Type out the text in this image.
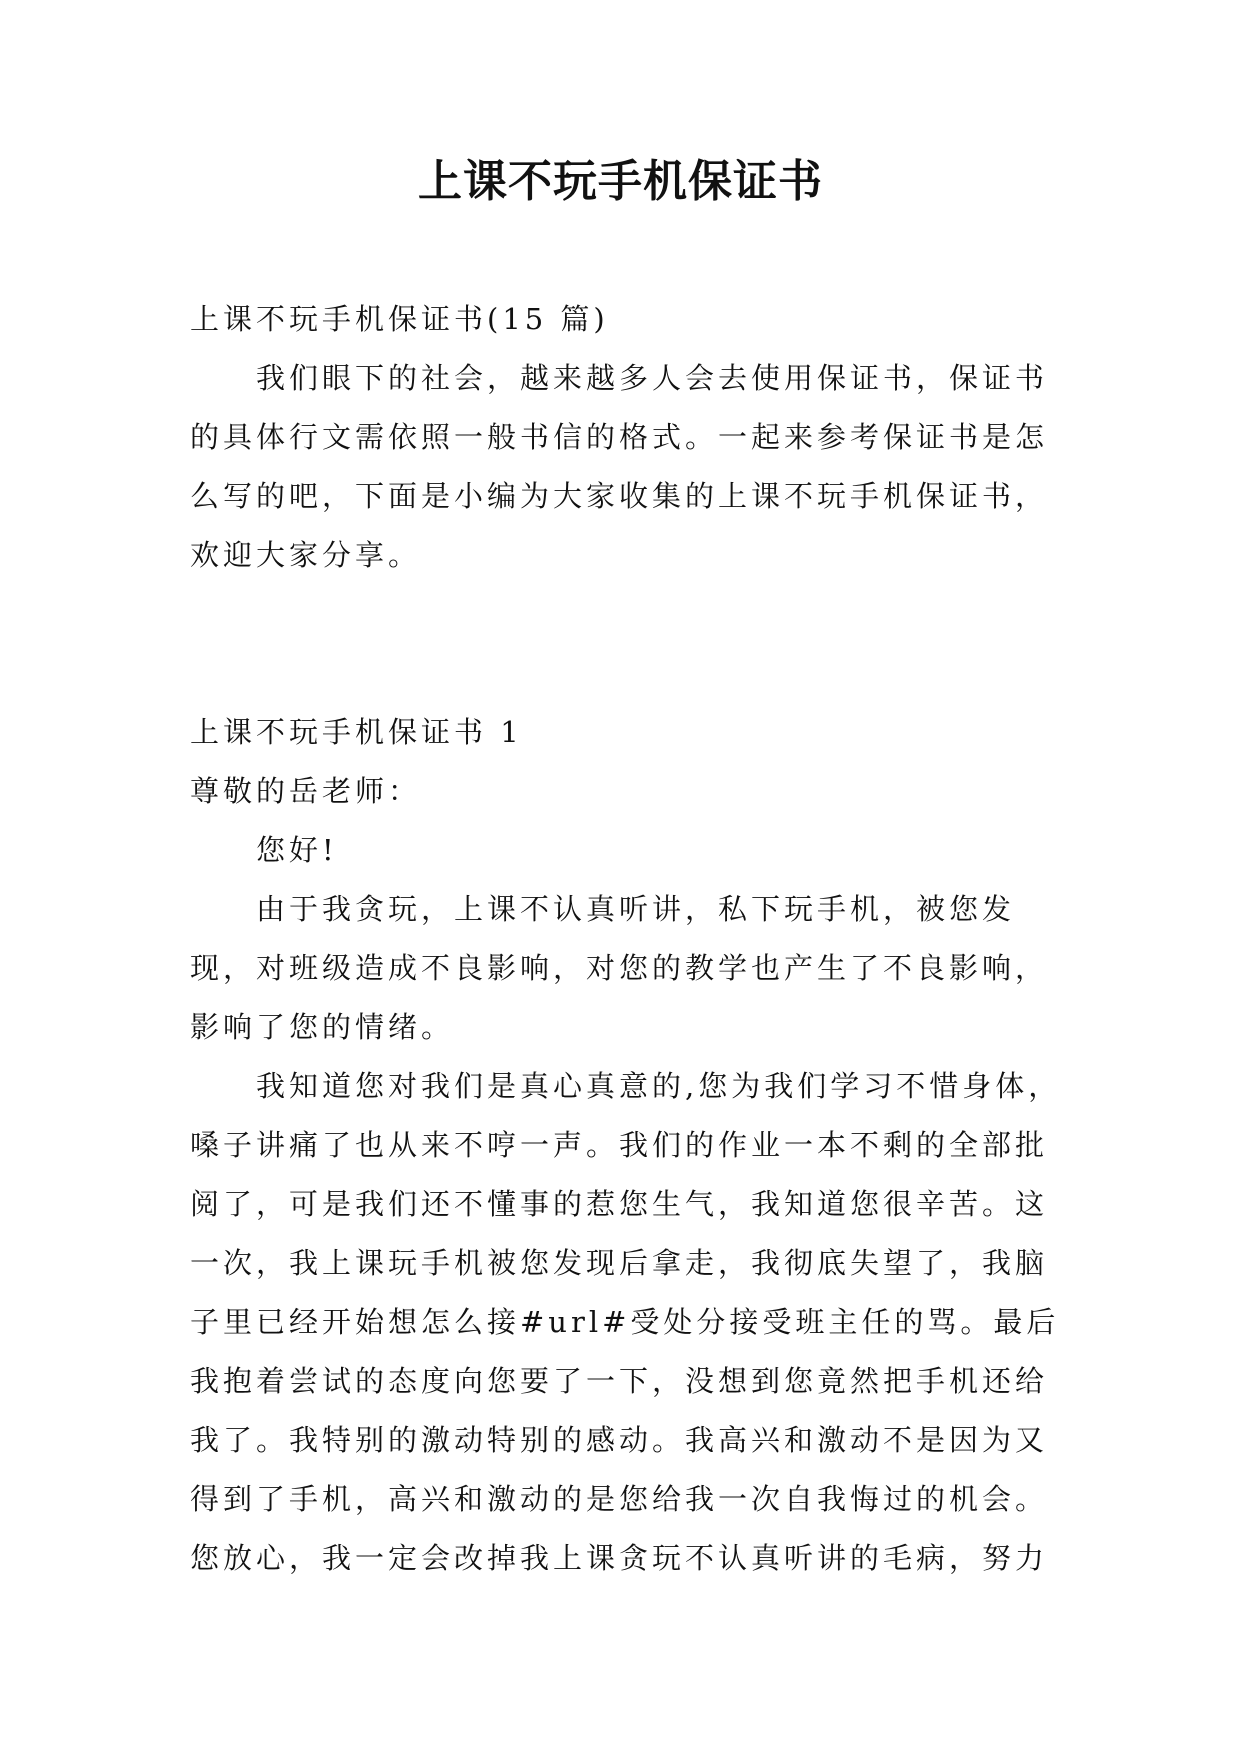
上课不玩手机保证书

上课不玩手机保证书(15 篇)

我们眼下的社会，越来越多人会去使用保证书，保证书的具体行文需依照一般书信的格式。一起来参考保证书是怎么写的吧，下面是小编为大家收集的上课不玩手机保证书，欢迎大家分享。

上课不玩手机保证书 1

尊敬的岳老师：

您好!

由于我贪玩，上课不认真听讲，私下玩手机，被您发现，对班级造成不良影响，对您的教学也产生了不良影响，影响了您的情绪。

我知道您对我们是真心真意的,您为我们学习不惜身体，嗓子讲痛了也从来不哼一声。我们的作业一本不剩的全部批阅了，可是我们还不懂事的惹您生气，我知道您很辛苦。这一次，我上课玩手机被您发现后拿走，我彻底失望了，我脑子里已经开始想怎么接#url#受处分接受班主任的骂。最后我抱着尝试的态度向您要了一下，没想到您竟然把手机还给我了。我特别的激动特别的感动。我高兴和激动不是因为又得到了手机，高兴和激动的是您给我一次自我悔过的机会。您放心，我一定会改掉我上课贪玩不认真听讲的毛病，努力
